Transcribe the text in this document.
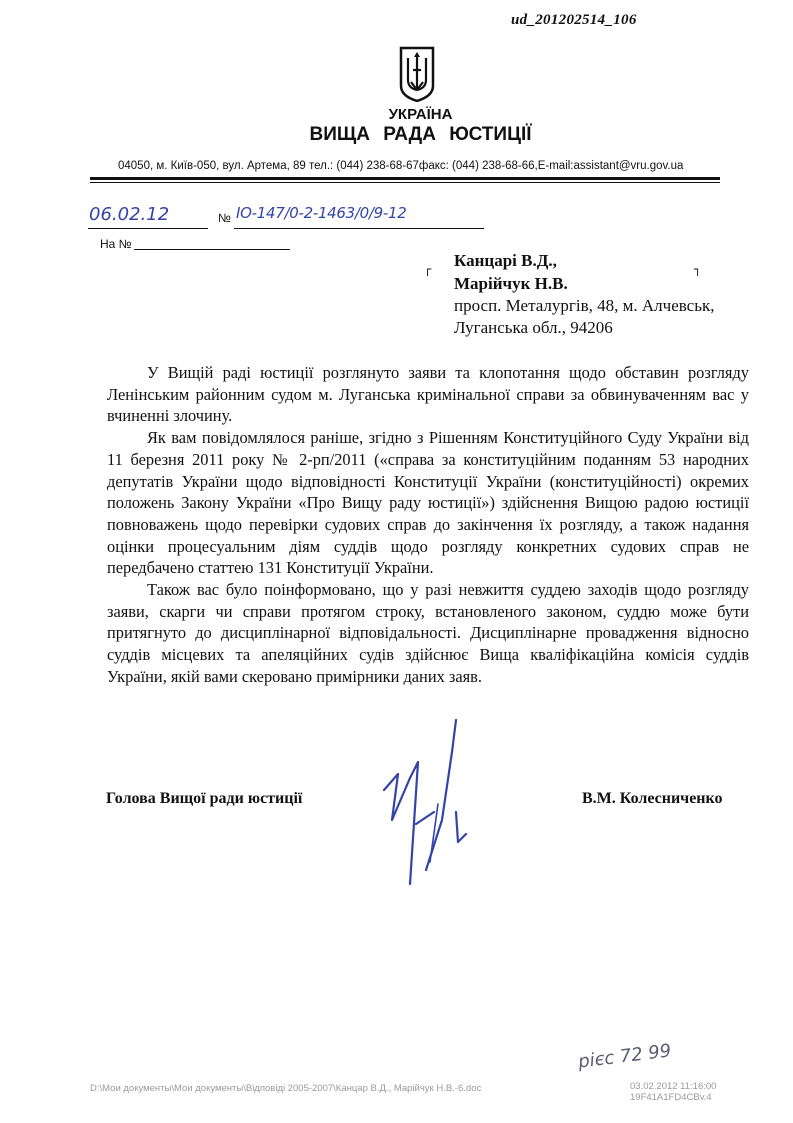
ud_201202514_106
УКРАЇНА
ВИЩА РАДА ЮСТИЦІЇ
04050, м. Київ-050, вул. Артема, 89 тел.: (044) 238-68-67факс: (044) 238-68-66,E-mail:assistant@vru.gov.ua
06.02.12	№ ІО-147/0-2-1463/0/9-12
На №
┌	┐
Канцарі В.Д.,
Марійчук Н.В.
просп. Металургів, 48, м. Алчевськ,
Луганська обл., 94206

У Вищій раді юстиції розглянуто заяви та клопотання щодо обставин розгляду Ленінським районним судом м. Луганська кримінальної справи за обвинуваченням вас у вчиненні злочину.

Як вам повідомлялося раніше, згідно з Рішенням Конституційного Суду України від 11 березня 2011 року № 2-рп/2011 («справа за конституційним поданням 53 народних депутатів України щодо відповідності Конституції України (конституційності) окремих положень Закону України «Про Вищу раду юстиції») здійснення Вищою радою юстиції повноважень щодо перевірки судових справ до закінчення їх розгляду, а також надання оцінки процесуальним діям суддів щодо розгляду конкретних судових справ не передбачено статтею 131 Конституції України.

Також вас було поінформовано, що у разі невжиття суддею заходів щодо розгляду заяви, скарги чи справи протягом строку, встановленого законом, суддю може бути притягнуто до дисциплінарної відповідальності. Дисциплінарне провадження відносно суддів місцевих та апеляційних судів здійснює Вища кваліфікаційна комісія суддів України, якій вами скеровано примірники даних заяв.

Голова Вищої ради юстиції	В.М. Колесниченко
рієс 72 99
D:\Мои документы\Мои документы\Відповіді 2005-2007\Канцар В.Д., Марійчук Н.В.-6.doc	03.02.2012 11:16:00
19F41A1FD4CBv.4
